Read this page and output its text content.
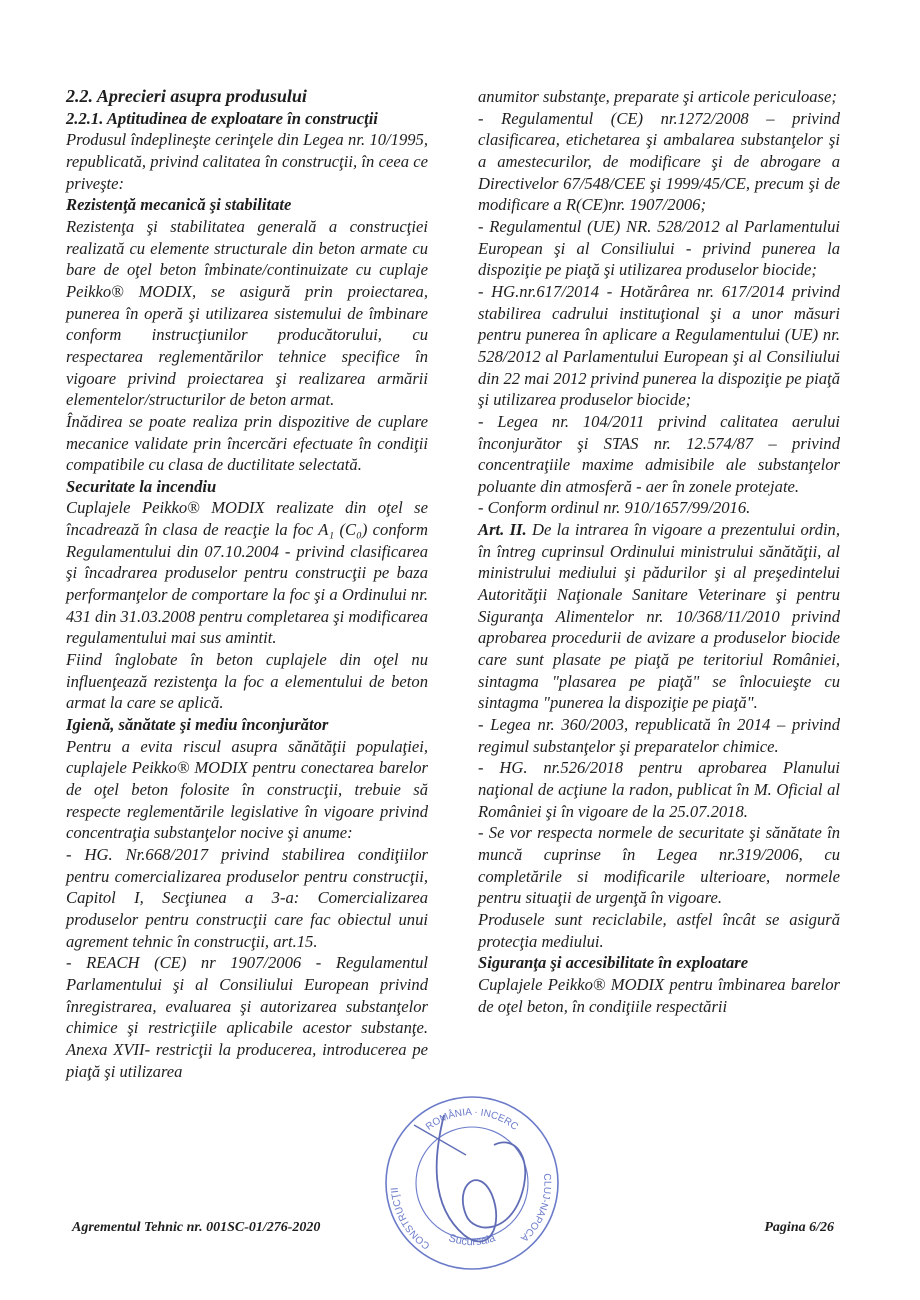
2.2. Aprecieri asupra produsului

2.2.1. Aptitudinea de exploatare în construcţii

Produsul îndeplineşte cerinţele din Legea nr. 10/1995, republicată, privind calitatea în construcţii, în ceea ce priveşte:

Rezistenţă mecanică şi stabilitate

Rezistenţa şi stabilitatea generală a construcţiei realizată cu elemente structurale din beton armate cu bare de oţel beton îmbinate/continuizate cu cuplaje Peikko® MODIX, se asigură prin proiectarea, punerea în operă şi utilizarea sistemului de îmbinare conform instrucţiunilor producătorului, cu respectarea reglementărilor tehnice specifice în vigoare privind proiectarea şi realizarea armării elementelor/structurilor de beton armat.

Înădirea se poate realiza prin dispozitive de cuplare mecanice validate prin încercări efectuate în condiţii compatibile cu clasa de ductilitate selectată.

Securitate la incendiu

Cuplajele Peikko® MODIX realizate din oţel se încadrează în clasa de reacţie la foc A₁ (C₀) conform Regulamentului din 07.10.2004 - privind clasificarea şi încadrarea produselor pentru construcţii pe baza performanţelor de comportare la foc şi a Ordinului nr. 431 din 31.03.2008 pentru completarea şi modificarea regulamentului mai sus amintit.

Fiind înglobate în beton cuplajele din oţel nu influenţează rezistenţa la foc a elementului de beton armat la care se aplică.

Igienă, sănătate şi mediu înconjurător

Pentru a evita riscul asupra sănătăţii populaţiei, cuplajele Peikko® MODIX pentru conectarea barelor de oţel beton folosite în construcţii, trebuie să respecte reglementările legislative în vigoare privind concentraţia substanţelor nocive şi anume:

- HG. Nr.668/2017 privind stabilirea condiţiilor pentru comercializarea produselor pentru construcţii, Capitol I, Secţiunea a 3-a: Comercializarea produselor pentru construcţii care fac obiectul unui agrement tehnic în construcţii, art.15.

- REACH (CE) nr 1907/2006 - Regulamentul Parlamentului şi al Consiliului European privind înregistrarea, evaluarea şi autorizarea substanţelor chimice şi restricţiile aplicabile acestor substanţe. Anexa XVII- restricţii la producerea, introducerea pe piaţă şi utilizarea

anumitor substanţe, preparate şi articole periculoase;

- Regulamentul (CE) nr.1272/2008 – privind clasificarea, etichetarea şi ambalarea substanţelor şi a amestecurilor, de modificare şi de abrogare a Directivelor 67/548/CEE şi 1999/45/CE, precum şi de modificare a R(CE)nr. 1907/2006;

- Regulamentul (UE) NR. 528/2012 al Parlamentului European şi al Consiliului - privind punerea la dispoziţie pe piaţă şi utilizarea produselor biocide;

- HG.nr.617/2014 - Hotărârea nr. 617/2014 privind stabilirea cadrului instituţional şi a unor măsuri pentru punerea în aplicare a Regulamentului (UE) nr. 528/2012 al Parlamentului European şi al Consiliului din 22 mai 2012 privind punerea la dispoziţie pe piaţă şi utilizarea produselor biocide;

- Legea nr. 104/2011 privind calitatea aerului înconjurător şi STAS nr. 12.574/87 – privind concentraţiile maxime admisibile ale substanţelor poluante din atmosferă - aer în zonele protejate.

- Conform ordinul nr. 910/1657/99/2016.

Art. II. De la intrarea în vigoare a prezentului ordin, în întreg cuprinsul Ordinului ministrului sănătăţii, al ministrului mediului şi pădurilor şi al preşedintelui Autorităţii Naţionale Sanitare Veterinare şi pentru Siguranţa Alimentelor nr. 10/368/11/2010 privind aprobarea procedurii de avizare a produselor biocide care sunt plasate pe piaţă pe teritoriul României, sintagma "plasarea pe piaţă" se înlocuieşte cu sintagma "punerea la dispoziţie pe piaţă".

- Legea nr. 360/2003, republicată în 2014 – privind regimul substanţelor şi preparatelor chimice.

- HG. nr.526/2018 pentru aprobarea Planului naţional de acţiune la radon, publicat în M. Oficial al României şi în vigoare de la 25.07.2018.

- Se vor respecta normele de securitate şi sănătate în muncă cuprinse în Legea nr.319/2006, cu completările si modificarile ulterioare, normele pentru situaţii de urgenţă în vigoare.

Produsele sunt reciclabile, astfel încât se asigură protecţia mediului.

Siguranţa şi accesibilitate în exploatare

Cuplajele Peikko® MODIX pentru îmbinarea barelor de oţel beton, în condiţiile respectării

Agrementul Tehnic nr. 001SC-01/276-2020	Pagina 6/26
ROMÂNIA · INCERC
CONSTRUCŢII
CLUJ-NAPOCA
Sucursala
